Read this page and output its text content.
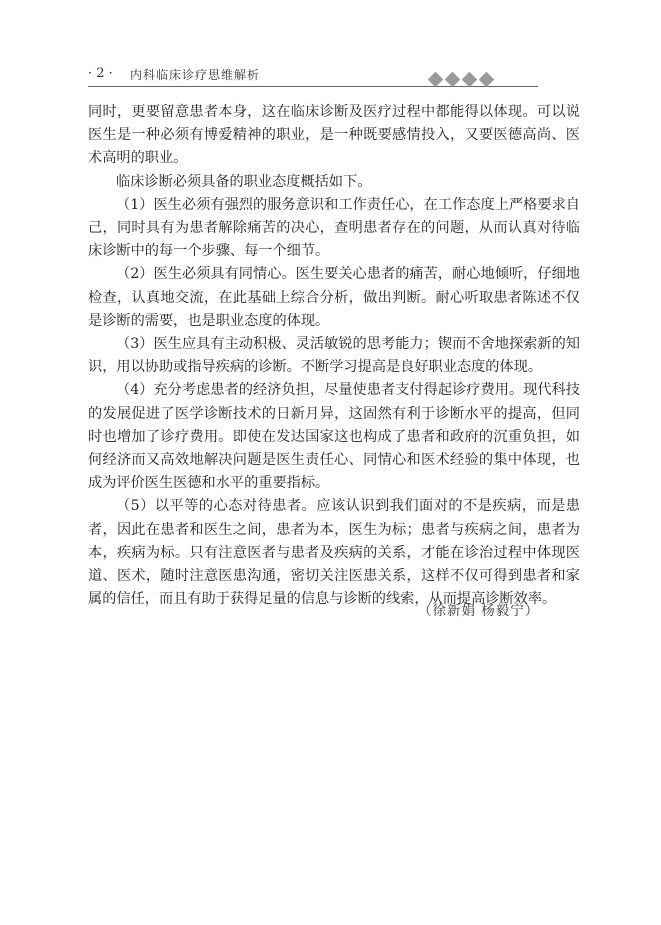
· 2 · 内科临床诊疗思维解析

同时，更要留意患者本身，这在临床诊断及医疗过程中都能得以体现。可以说医生是一种必须有博爱精神的职业，是一种既要感情投入，又要医德高尚、医术高明的职业。

临床诊断必须具备的职业态度概括如下。

（1）医生必须有强烈的服务意识和工作责任心，在工作态度上严格要求自己，同时具有为患者解除痛苦的决心，查明患者存在的问题，从而认真对待临床诊断中的每一个步骤、每一个细节。

（2）医生必须具有同情心。医生要关心患者的痛苦，耐心地倾听，仔细地检查，认真地交流，在此基础上综合分析，做出判断。耐心听取患者陈述不仅是诊断的需要，也是职业态度的体现。

（3）医生应具有主动积极、灵活敏锐的思考能力；锲而不舍地探索新的知识，用以协助或指导疾病的诊断。不断学习提高是良好职业态度的体现。

（4）充分考虑患者的经济负担，尽量使患者支付得起诊疗费用。现代科技的发展促进了医学诊断技术的日新月异，这固然有利于诊断水平的提高，但同时也增加了诊疗费用。即使在发达国家这也构成了患者和政府的沉重负担，如何经济而又高效地解决问题是医生责任心、同情心和医术经验的集中体现，也成为评价医生医德和水平的重要指标。

（5）以平等的心态对待患者。应该认识到我们面对的不是疾病，而是患者，因此在患者和医生之间，患者为本，医生为标；患者与疾病之间，患者为本，疾病为标。只有注意医者与患者及疾病的关系，才能在诊治过程中体现医道、医术，随时注意医患沟通，密切关注医患关系，这样不仅可得到患者和家属的信任，而且有助于获得足量的信息与诊断的线索，从而提高诊断效率。

（徐新娟 杨毅宁）
